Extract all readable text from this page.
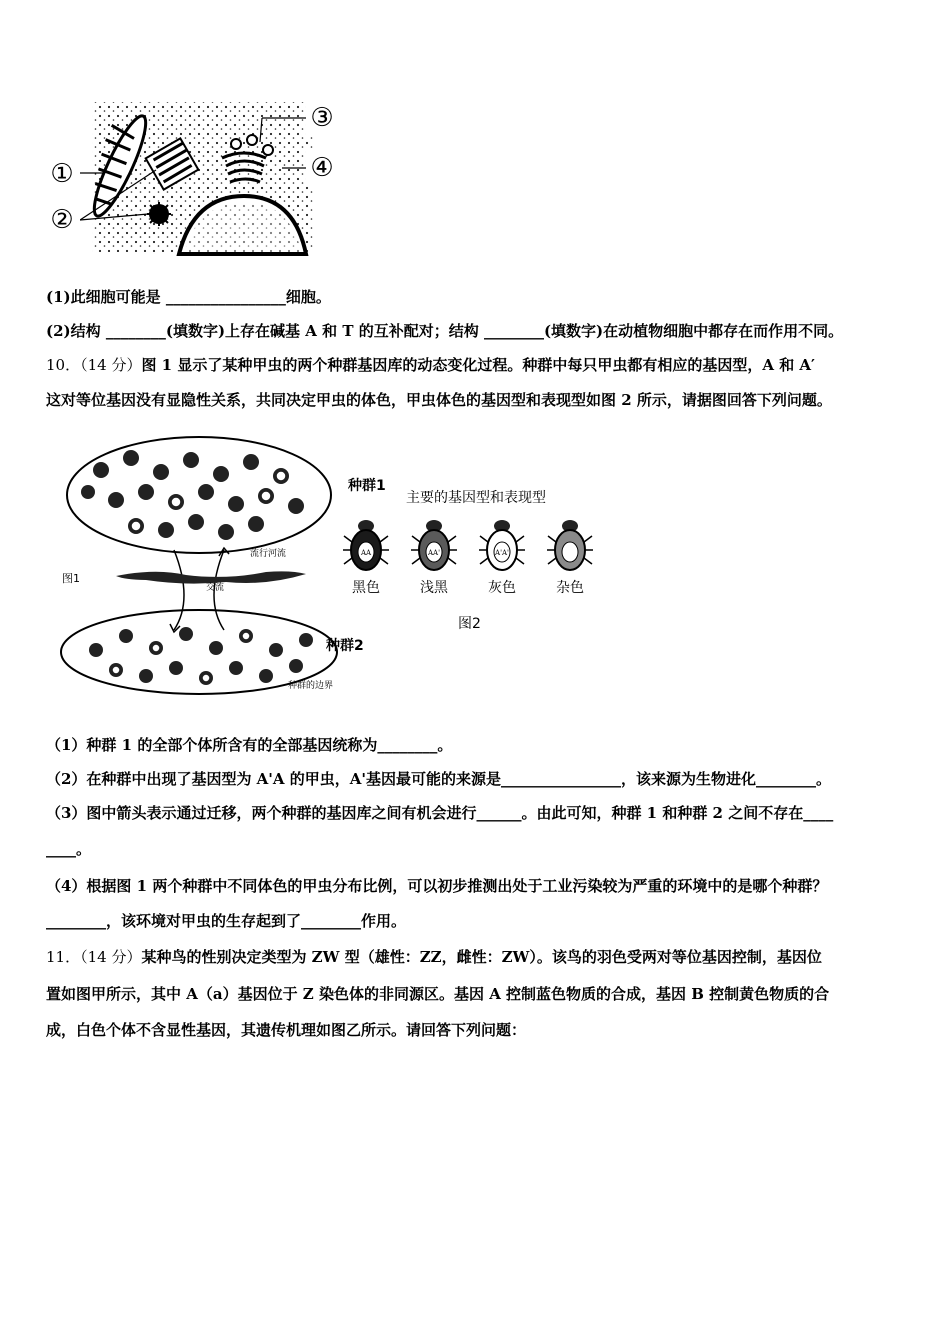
①
②
③
④
(1)此细胞可能是 ________________细胞。
(2)结构 ________(填数字)上存在碱基 A 和 T 的互补配对；结构 ________(填数字)在动植物细胞中都存在而作用不同。
10．（14 分）图 1 显示了某种甲虫的两个种群基因库的动态变化过程。种群中每只甲虫都有相应的基因型，A 和 A′
这对等位基因没有显隐性关系，共同决定甲虫的体色，甲虫体色的基因型和表现型如图 2 所示，请据图回答下列问题。
种群1
种群2
图1
交流
流行河流
种群的边界
主要的基因型和表现型
图2
AA
黑色
AA'
浅黑
A'A'
灰色	杂色
（1）种群 1 的全部个体所含有的全部基因统称为________。
（2）在种群中出现了基因型为 A'A 的甲虫，A'基因最可能的来源是________________，该来源为生物进化________。
（3）图中箭头表示通过迁移，两个种群的基因库之间有机会进行______。由此可知，种群 1 和种群 2 之间不存在____
____。
（4）根据图 1 两个种群中不同体色的甲虫分布比例，可以初步推测出处于工业污染较为严重的环境中的是哪个种群？
________，该环境对甲虫的生存起到了________作用。
11．（14 分）某种鸟的性别决定类型为 ZW 型（雄性：ZZ，雌性：ZW）。该鸟的羽色受两对等位基因控制，基因位
置如图甲所示，其中 A（a）基因位于 Z 染色体的非同源区。基因 A 控制蓝色物质的合成，基因 B 控制黄色物质的合
成，白色个体不含显性基因，其遗传机理如图乙所示。请回答下列问题：
